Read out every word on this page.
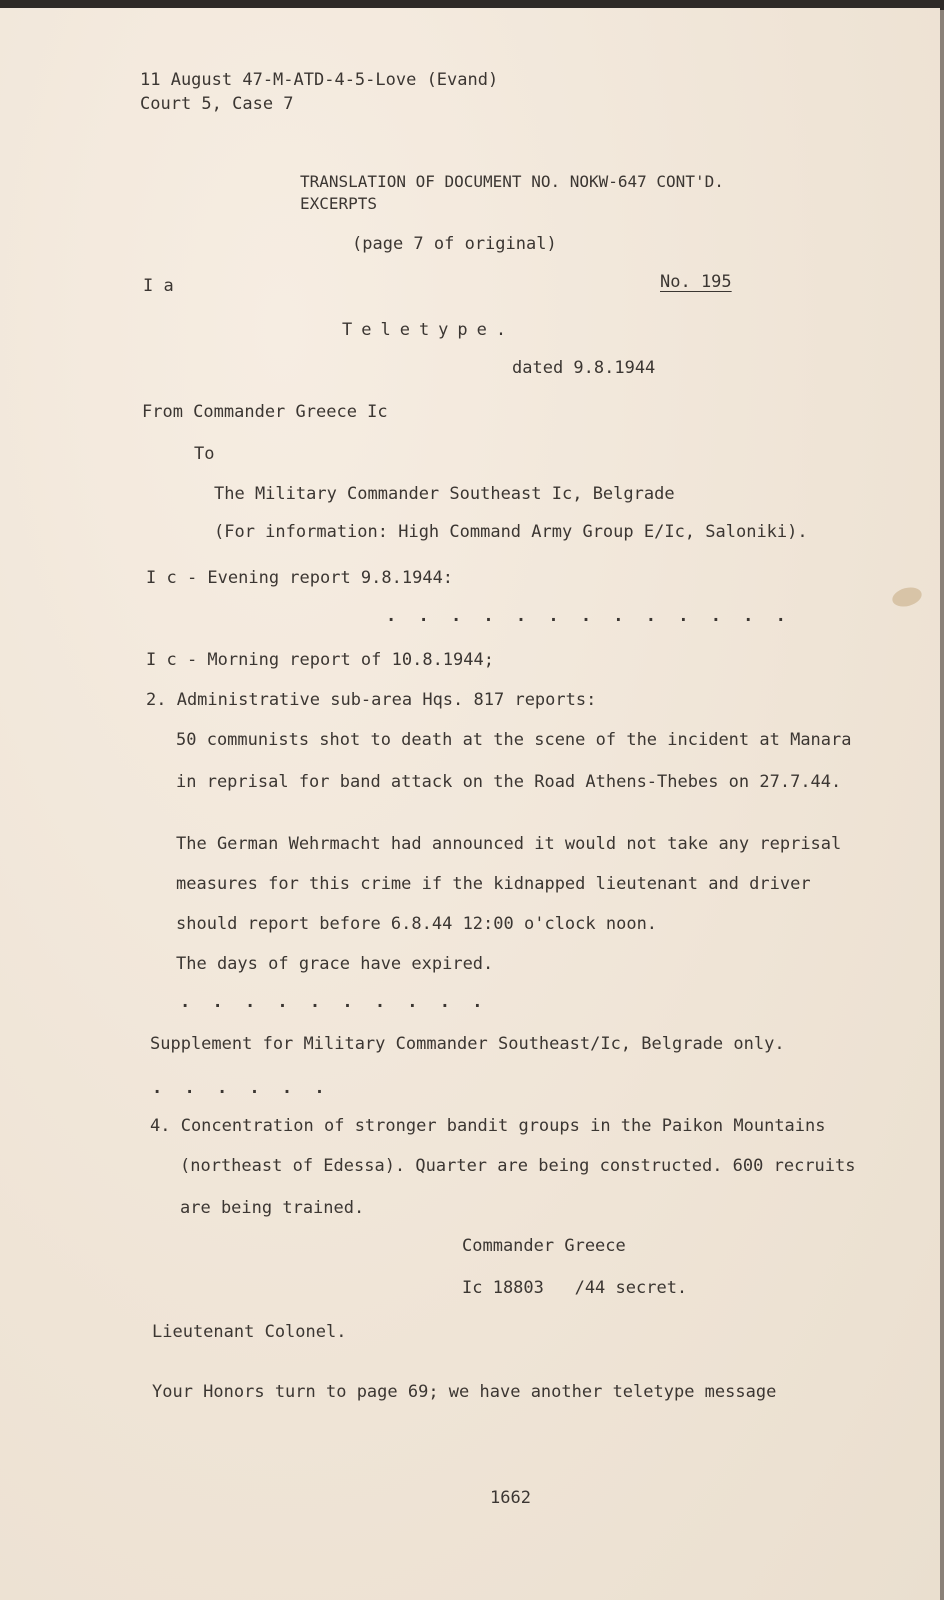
11 August 47-M-ATD-4-5-Love (Evand)
Court 5, Case 7
TRANSLATION OF DOCUMENT NO. NOKW-647 CONT'D.
EXCERPTS
(page 7 of original)
I a	No. 195
Teletype.
dated 9.8.1944
From Commander Greece Ic
To
The Military Commander Southeast Ic, Belgrade
(For information: High Command Army Group E/Ic, Saloniki).
I c - Evening report 9.8.1944:
. . . . . . . . . . . . .
I c - Morning report of 10.8.1944;
2. Administrative sub-area Hqs. 817 reports:
50 communists shot to death at the scene of the incident at Manara
in reprisal for band attack on the Road Athens-Thebes on 27.7.44.
The German Wehrmacht had announced it would not take any reprisal
measures for this crime if the kidnapped lieutenant and driver
should report before 6.8.44 12:00 o'clock noon.
The days of grace have expired.
. . . . . . . . . .
Supplement for Military Commander Southeast/Ic, Belgrade only.
. . . . . .
4. Concentration of stronger bandit groups in the Paikon Mountains
(northeast of Edessa). Quarter are being constructed. 600 recruits
are being trained.
Commander Greece
Ic 18803   /44 secret.
Lieutenant Colonel.
Your Honors turn to page 69; we have another teletype message
1662
